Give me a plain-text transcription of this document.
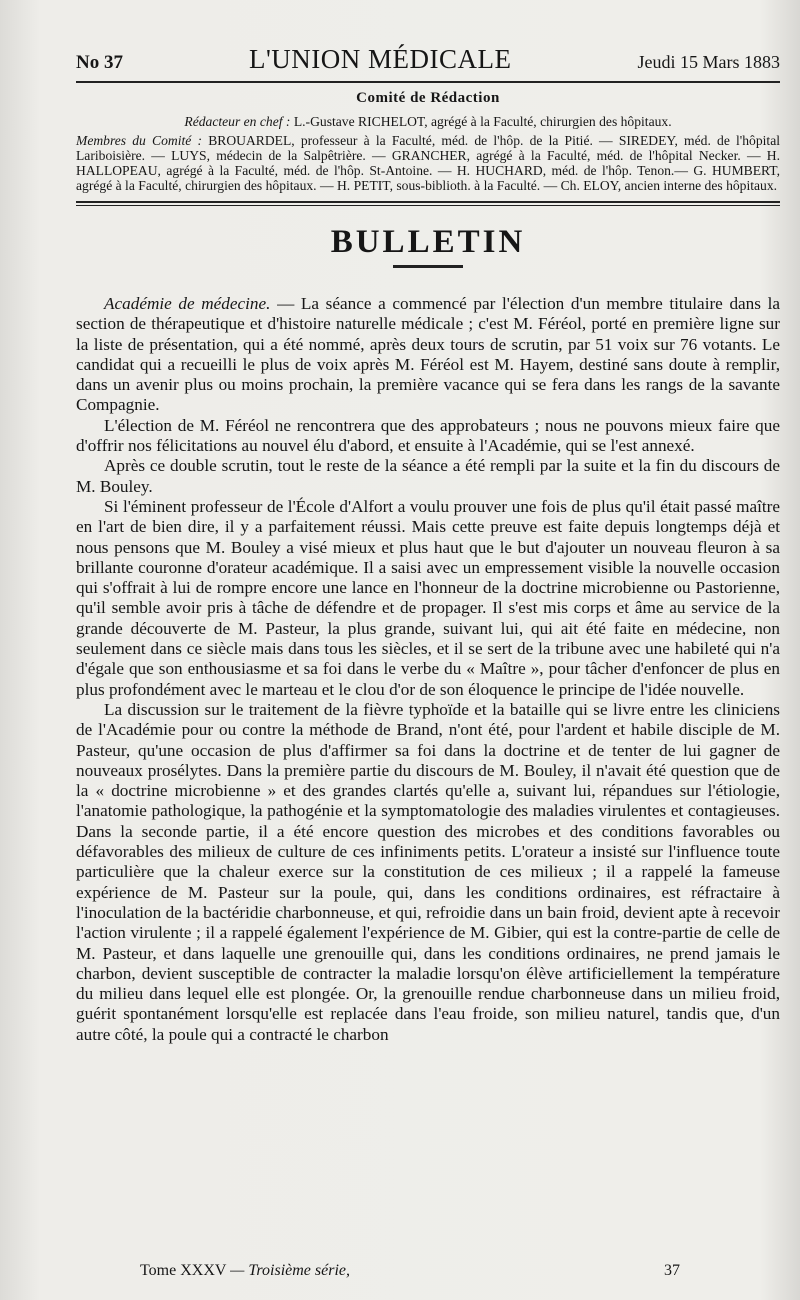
No 37	L'UNION MÉDICALE	Jeudi 15 Mars 1883
Comité de Rédaction

Rédacteur en chef : L.-Gustave RICHELOT, agrégé à la Faculté, chirurgien des hôpitaux.

Membres du Comité : BROUARDEL, professeur à la Faculté, méd. de l'hôp. de la Pitié. — SIREDEY, méd. de l'hôpital Lariboisière. — LUYS, médecin de la Salpêtrière. — GRANCHER, agrégé à la Faculté, méd. de l'hôpital Necker. — H. HALLOPEAU, agrégé à la Faculté, méd. de l'hôp. St-Antoine. — H. HUCHARD, méd. de l'hôp. Tenon.— G. HUMBERT, agrégé à la Faculté, chirurgien des hôpitaux. — H. PETIT, sous-biblioth. à la Faculté. — Ch. ELOY, ancien interne des hôpitaux.

BULLETIN

Académie de médecine. — La séance a commencé par l'élection d'un membre titulaire dans la section de thérapeutique et d'histoire naturelle médicale ; c'est M. Féréol, porté en première ligne sur la liste de présentation, qui a été nommé, après deux tours de scrutin, par 51 voix sur 76 votants. Le candidat qui a recueilli le plus de voix après M. Féréol est M. Hayem, destiné sans doute à remplir, dans un avenir plus ou moins prochain, la première vacance qui se fera dans les rangs de la savante Compagnie.

L'élection de M. Féréol ne rencontrera que des approbateurs ; nous ne pouvons mieux faire que d'offrir nos félicitations au nouvel élu d'abord, et ensuite à l'Académie, qui se l'est annexé.

Après ce double scrutin, tout le reste de la séance a été rempli par la suite et la fin du discours de M. Bouley.

Si l'éminent professeur de l'École d'Alfort a voulu prouver une fois de plus qu'il était passé maître en l'art de bien dire, il y a parfaitement réussi. Mais cette preuve est faite depuis longtemps déjà et nous pensons que M. Bouley a visé mieux et plus haut que le but d'ajouter un nouveau fleuron à sa brillante couronne d'orateur académique. Il a saisi avec un empressement visible la nouvelle occasion qui s'offrait à lui de rompre encore une lance en l'honneur de la doctrine microbienne ou Pastorienne, qu'il semble avoir pris à tâche de défendre et de propager. Il s'est mis corps et âme au service de la grande découverte de M. Pasteur, la plus grande, suivant lui, qui ait été faite en médecine, non seulement dans ce siècle mais dans tous les siècles, et il se sert de la tribune avec une habileté qui n'a d'égale que son enthousiasme et sa foi dans le verbe du « Maître », pour tâcher d'enfoncer de plus en plus profondément avec le marteau et le clou d'or de son éloquence le principe de l'idée nouvelle.

La discussion sur le traitement de la fièvre typhoïde et la bataille qui se livre entre les cliniciens de l'Académie pour ou contre la méthode de Brand, n'ont été, pour l'ardent et habile disciple de M. Pasteur, qu'une occasion de plus d'affirmer sa foi dans la doctrine et de tenter de lui gagner de nouveaux prosélytes. Dans la première partie du discours de M. Bouley, il n'avait été question que de la « doctrine microbienne » et des grandes clartés qu'elle a, suivant lui, répandues sur l'étiologie, l'anatomie pathologique, la pathogénie et la symptomatologie des maladies virulentes et contagieuses. Dans la seconde partie, il a été encore question des microbes et des conditions favorables ou défavorables des milieux de culture de ces infiniments petits. L'orateur a insisté sur l'influence toute particulière que la chaleur exerce sur la constitution de ces milieux ; il a rappelé la fameuse expérience de M. Pasteur sur la poule, qui, dans les conditions ordinaires, est réfractaire à l'inoculation de la bactéridie charbonneuse, et qui, refroidie dans un bain froid, devient apte à recevoir l'action virulente ; il a rappelé également l'expérience de M. Gibier, qui est la contre-partie de celle de M. Pasteur, et dans laquelle une grenouille qui, dans les conditions ordinaires, ne prend jamais le charbon, devient susceptible de contracter la maladie lorsqu'on élève artificiellement la température du milieu dans lequel elle est plongée. Or, la grenouille rendue charbonneuse dans un milieu froid, guérit spontanément lorsqu'elle est replacée dans l'eau froide, son milieu naturel, tandis que, d'un autre côté, la poule qui a contracté le charbon

Tome XXXV — Troisième série,	37
